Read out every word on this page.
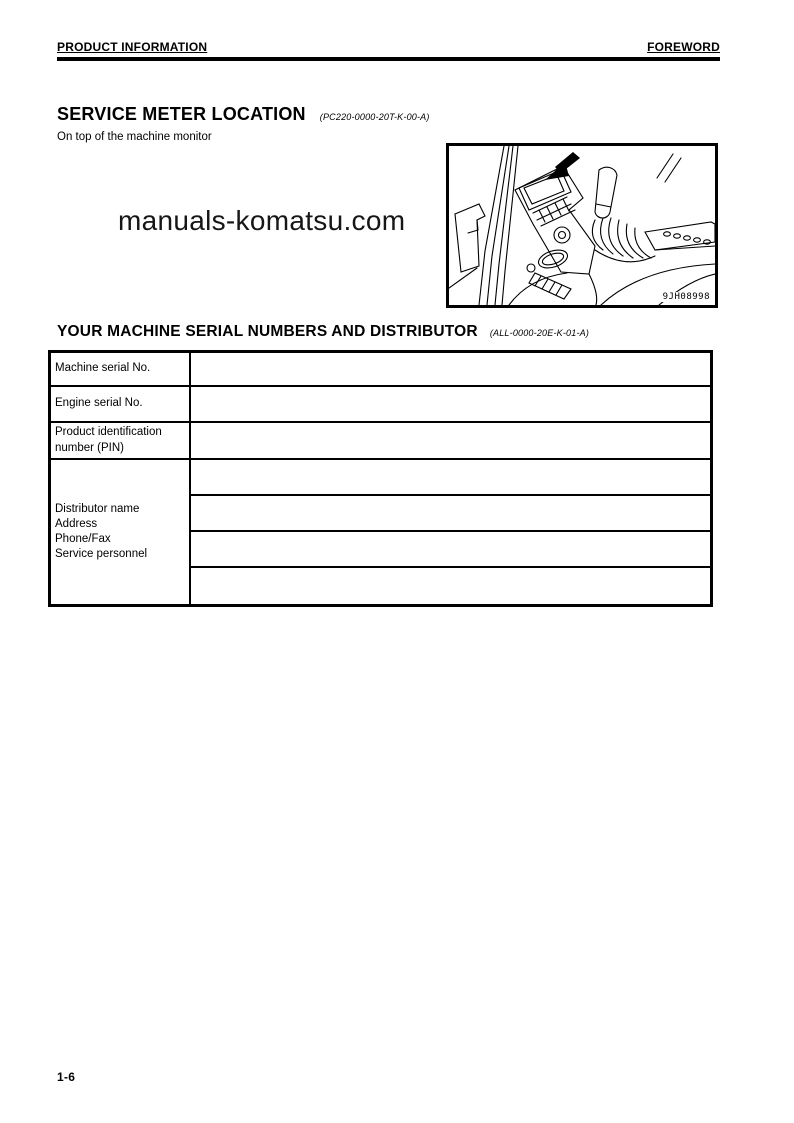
PRODUCT INFORMATION	FOREWORD
SERVICE METER LOCATION (PC220-0000-20T-K-00-A)
On top of the machine monitor
manuals-komatsu.com
9JH08998
YOUR MACHINE SERIAL NUMBERS AND DISTRIBUTOR (ALL-0000-20E-K-01-A)
Machine serial No.
Engine serial No.
Product identification number (PIN)
Distributor name
Address
Phone/Fax
Service personnel
1-6
